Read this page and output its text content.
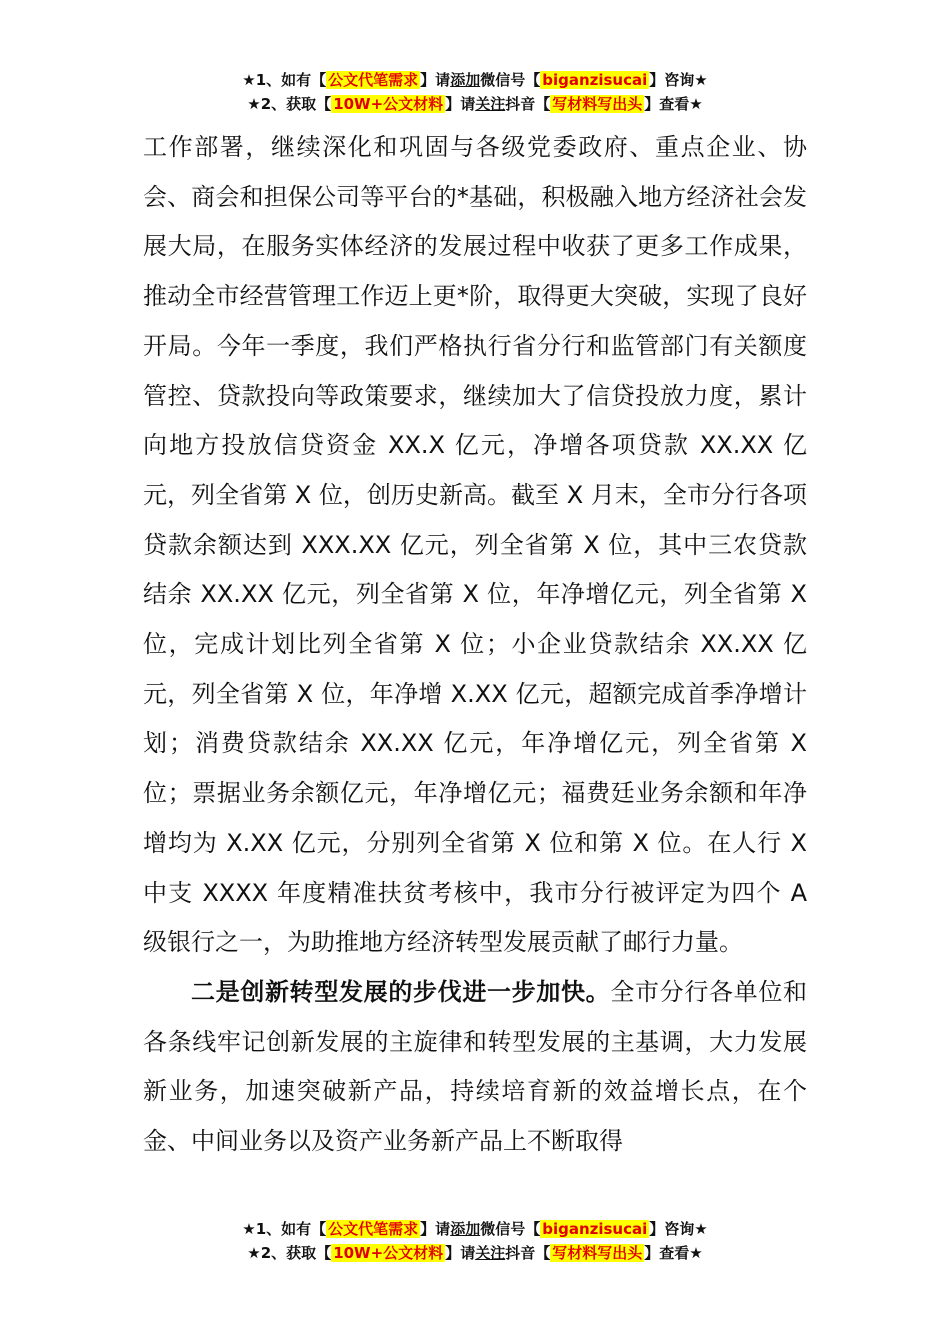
★1、如有【 公文代笔需求 】请添加微信号【 biganzisucai 】咨询★
★2、获取【 10W+公文材料 】请关注抖音【 写材料写出头 】查看★

工作部署，继续深化和巩固与各级党委政府、重点企业、协会、商会和担保公司等平台的*基础，积极融入地方经济社会发展大局，在服务实体经济的发展过程中收获了更多工作成果，推动全市经营管理工作迈上更*阶，取得更大突破，实现了良好开局。今年一季度，我们严格执行省分行和监管部门有关额度管控、贷款投向等政策要求，继续加大了信贷投放力度，累计向地方投放信贷资金 XX.X 亿元，净增各项贷款 XX.XX 亿元，列全省第 X 位，创历史新高。截至 X 月末，全市分行各项贷款余额达到 XXX.XX 亿元，列全省第 X 位，其中三农贷款结余 XX.XX 亿元，列全省第 X 位，年净增亿元，列全省第 X 位，完成计划比列全省第 X 位；小企业贷款结余 XX.XX 亿元，列全省第 X 位，年净增 X.XX 亿元，超额完成首季净增计划；消费贷款结余 XX.XX 亿元，年净增亿元，列全省第 X 位；票据业务余额亿元，年净增亿元；福费廷业务余额和年净增均为 X.XX 亿元，分别列全省第 X 位和第 X 位。在人行 X 中支 XXXX 年度精准扶贫考核中，我市分行被评定为四个 A 级银行之一，为助推地方经济转型发展贡献了邮行力量。

二是创新转型发展的步伐进一步加快。全市分行各单位和各条线牢记创新发展的主旋律和转型发展的主基调，大力发展新业务，加速突破新产品，持续培育新的效益增长点，在个金、中间业务以及资产业务新产品上不断取得

★1、如有【 公文代笔需求 】请添加微信号【 biganzisucai 】咨询★
★2、获取【 10W+公文材料 】请关注抖音【 写材料写出头 】查看★
